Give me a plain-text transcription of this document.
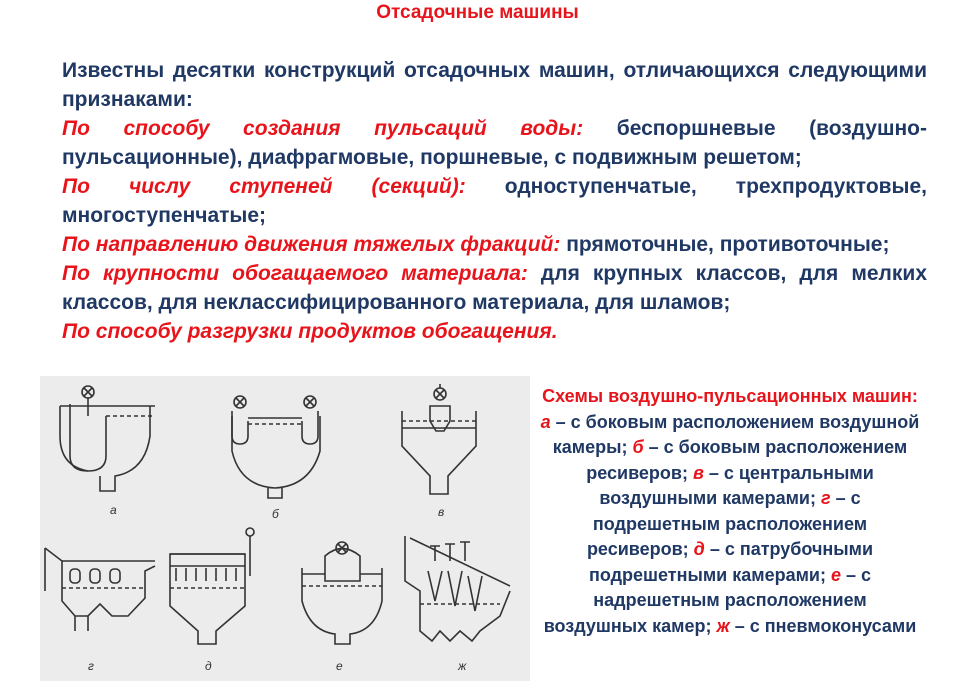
Отсадочные машины

Известны десятки конструкций отсадочных машин, отличающихся следующими признаками:

По способу создания пульсаций воды: беспоршневые (воздушно-пульсационные), диафрагмовые, поршневые, с подвижным решетом;

По числу ступеней (секций): одноступенчатые, трехпродуктовые, многоступенчатые;

По направлению движения тяжелых фракций: прямоточные, противоточные;

По крупности обогащаемого материала: для крупных классов, для мелких классов, для неклассифицированного материала, для шламов;

По способу разгрузки продуктов обогащения.

а	б	в
г	д	е	ж
Схемы воздушно-пульсационных машин:
а – с боковым расположением воздушной камеры; б – с боковым расположением ресиверов; в – с центральными воздушными камерами; г – с подрешетным расположением ресиверов; д – с патрубочными подрешетными камерами; е – с надрешетным расположением воздушных камер; ж – с пневмоконусами
